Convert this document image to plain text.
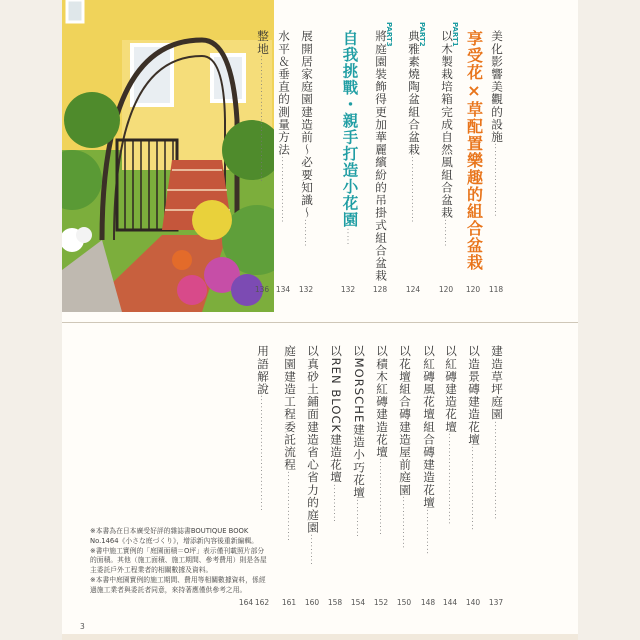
美化影響美觀的設施.....................
118
享受花×草配置樂趣的組合盆栽
120
以木製栽培箱完成自然風組合盆栽........
120
PART1
典雅素燒陶盆組合盆栽...................
124
PART2
將庭園裝飾得更加華麗繽紛的吊掛式組合盆栽
128
PART3
自我挑戰・親手打造小花園.....
132
展開居家庭園建造前～必要知識～........
132
水平＆垂直的測量方法...................
134
整地....................................
136
建造草坪庭園............................
137
以造景磚建造花壇........................
140
以紅磚建造花壇..........................
144
以紅磚風花壇組合磚建造花壇.............
148
以花壇組合磚建造屋前庭園...............
150
以積木紅磚建造花壇......................
152
以MORSCHE建造小巧花壇...........
154
以REN BLOCK建造花壇...........
158
以真砂土鋪面建造省心省力的庭園.........
160
庭園建造工程委託流程....................
161
用語解說.................................
162
164
※本書為在日本廣受好評的雜誌書BOUTIQUE BOOK
No.1464《小さな庭づくり》，增添新內容後重新編輯。
※書中施工實例的「庭園面積＝O坪」表示僅刊載照片部分
的面積。其他（施工面積、施工期間、參考費用）則是各屋
主委託戶外工程業者的相關數據及資料。
※本書中庭園實例的施工期間、費用等相關數據資料，係經
過施工業者與委託者同意，來持著應僅供參考之用。
3
